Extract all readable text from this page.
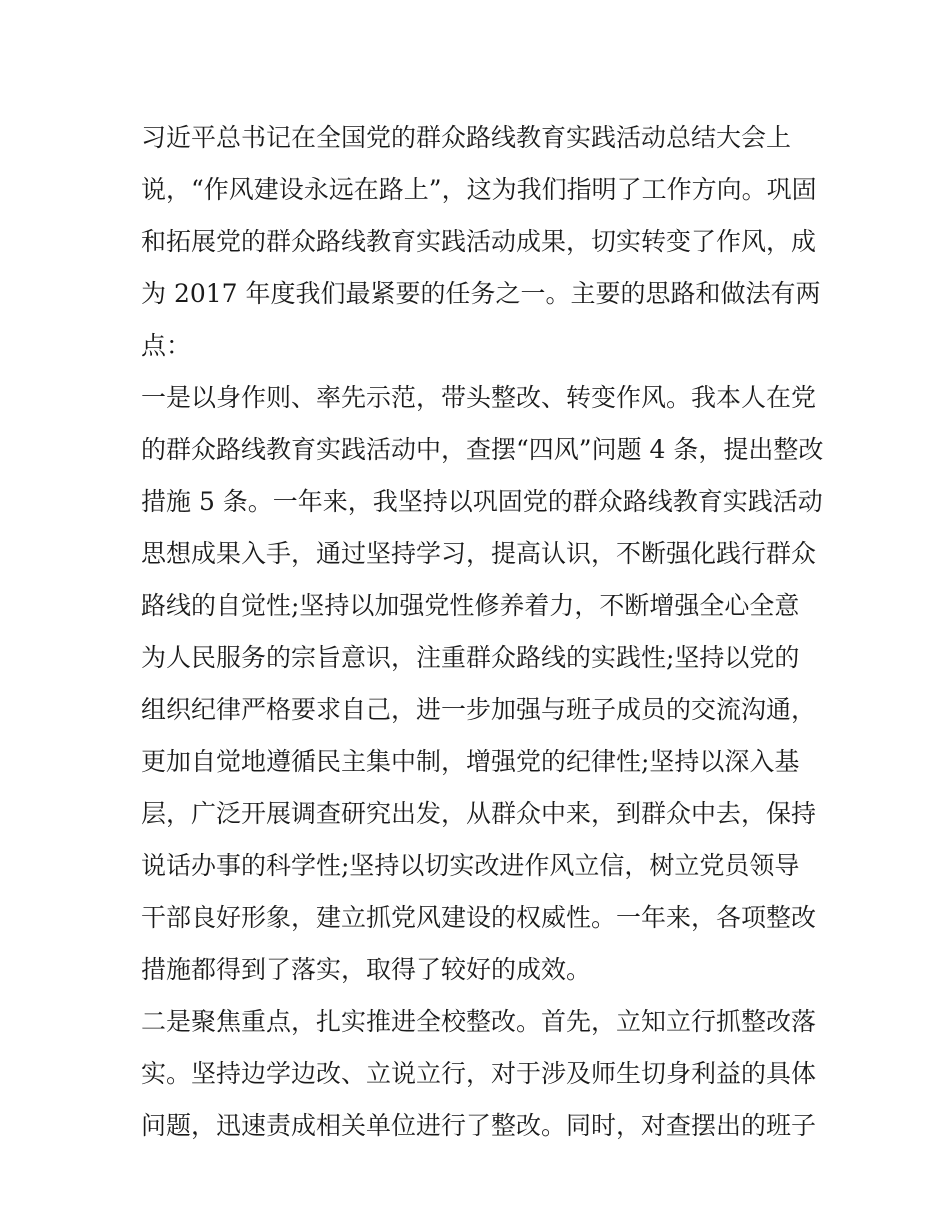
习近平总书记在全国党的群众路线教育实践活动总结大会上
说，“作风建设永远在路上”，这为我们指明了工作方向。巩固
和拓展党的群众路线教育实践活动成果，切实转变了作风，成
为 2017 年度我们最紧要的任务之一。主要的思路和做法有两
点：
一是以身作则、率先示范，带头整改、转变作风。我本人在党
的群众路线教育实践活动中，查摆“四风”问题 4 条，提出整改
措施 5 条。一年来，我坚持以巩固党的群众路线教育实践活动
思想成果入手，通过坚持学习，提高认识，不断强化践行群众
路线的自觉性;坚持以加强党性修养着力，不断增强全心全意
为人民服务的宗旨意识，注重群众路线的实践性;坚持以党的
组织纪律严格要求自己，进一步加强与班子成员的交流沟通，
更加自觉地遵循民主集中制，增强党的纪律性;坚持以深入基
层，广泛开展调查研究出发，从群众中来，到群众中去，保持
说话办事的科学性;坚持以切实改进作风立信，树立党员领导
干部良好形象，建立抓党风建设的权威性。一年来，各项整改
措施都得到了落实，取得了较好的成效。
二是聚焦重点，扎实推进全校整改。首先，立知立行抓整改落
实。坚持边学边改、立说立行，对于涉及师生切身利益的具体
问题，迅速责成相关单位进行了整改。同时，对查摆出的班子
